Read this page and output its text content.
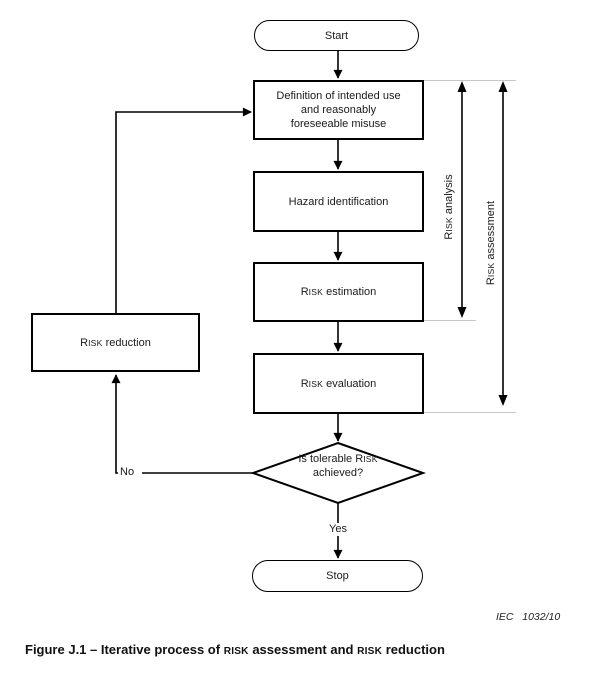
Start
Definition of intended use and reasonably foreseeable misuse
Hazard identification
RISK estimation
RISK evaluation
RISK reduction
Is tolerable RISK achieved?
Stop
Yes
No
RISK analysis
RISK assessment
IEC   1032/10
Figure J.1 – Iterative process of RISK assessment and RISK reduction
